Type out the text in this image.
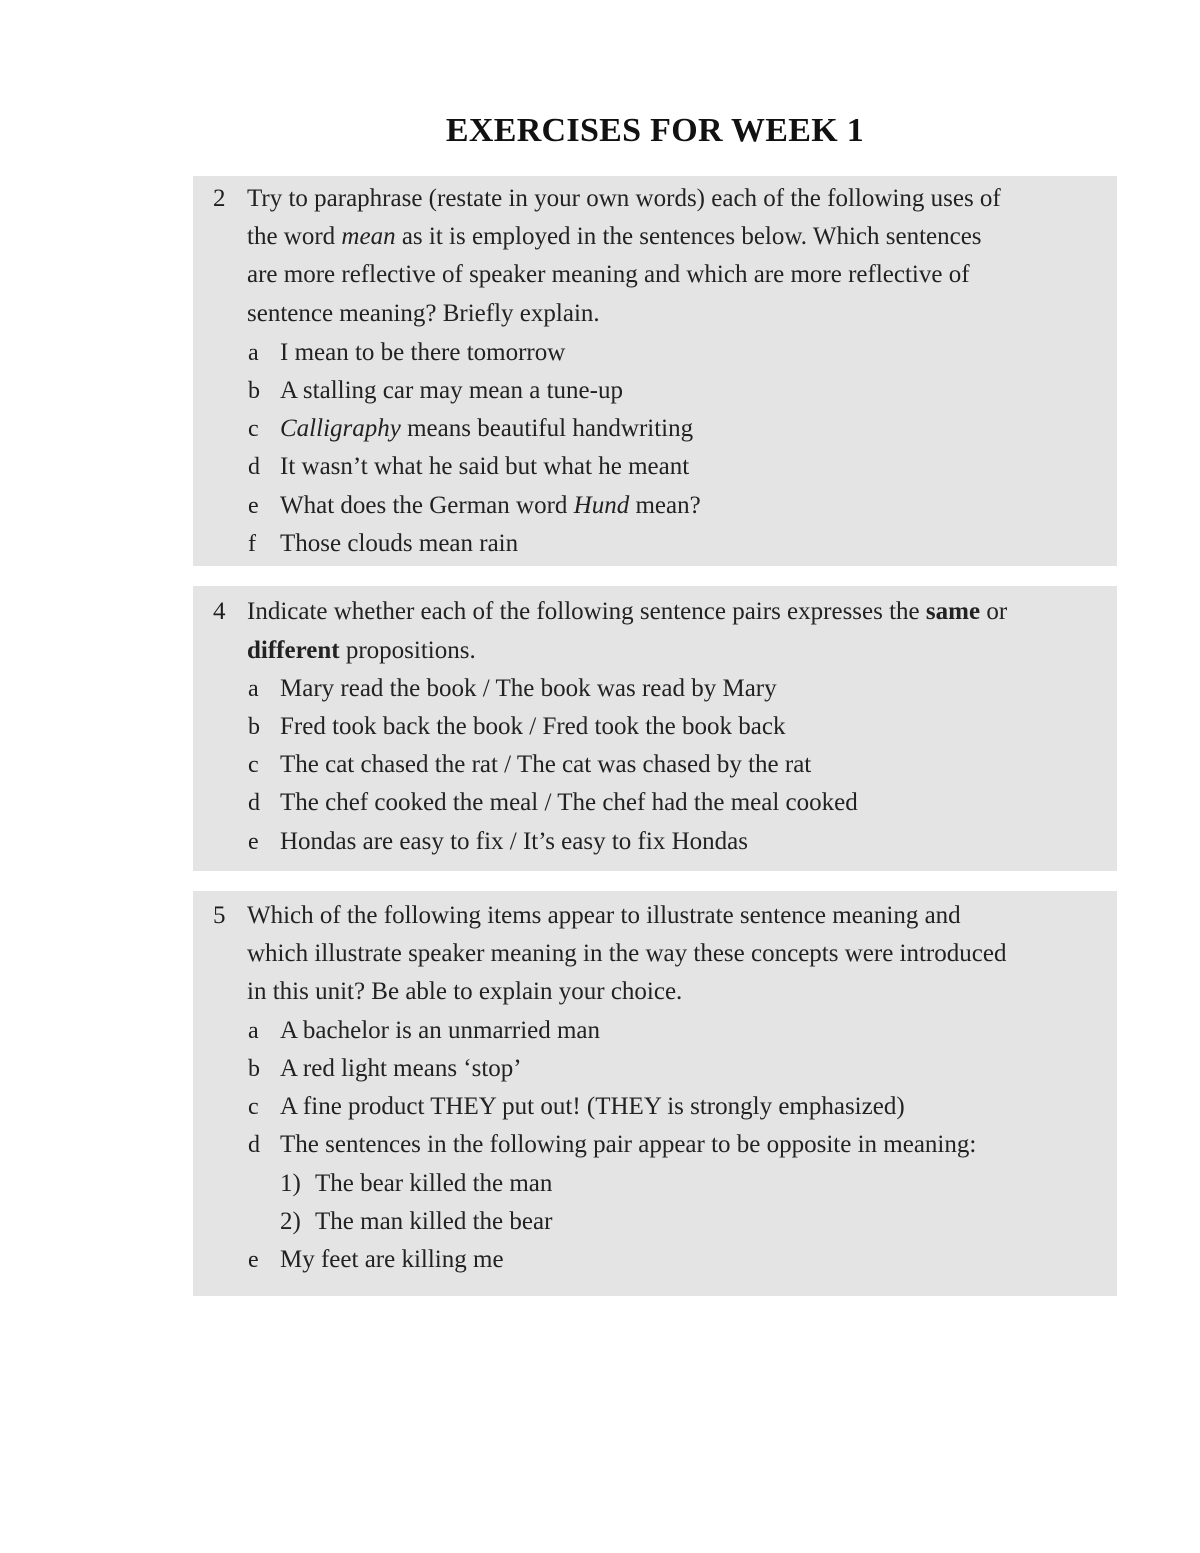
EXERCISES FOR WEEK 1
2 Try to paraphrase (restate in your own words) each of the following uses of
the word mean as it is employed in the sentences below. Which sentences
are more reflective of speaker meaning and which are more reflective of
sentence meaning? Briefly explain.
a I mean to be there tomorrow
b A stalling car may mean a tune-up
c Calligraphy means beautiful handwriting
d It wasn’t what he said but what he meant
e What does the German word Hund mean?
f Those clouds mean rain
4 Indicate whether each of the following sentence pairs expresses the same or
different propositions.
a Mary read the book / The book was read by Mary
b Fred took back the book / Fred took the book back
c The cat chased the rat / The cat was chased by the rat
d The chef cooked the meal / The chef had the meal cooked
e Hondas are easy to fix / It’s easy to fix Hondas
5 Which of the following items appear to illustrate sentence meaning and
which illustrate speaker meaning in the way these concepts were introduced
in this unit? Be able to explain your choice.
a A bachelor is an unmarried man
b A red light means ‘stop’
c A fine product THEY put out! (THEY is strongly emphasized)
d The sentences in the following pair appear to be opposite in meaning:
1) The bear killed the man
2) The man killed the bear
e My feet are killing me
